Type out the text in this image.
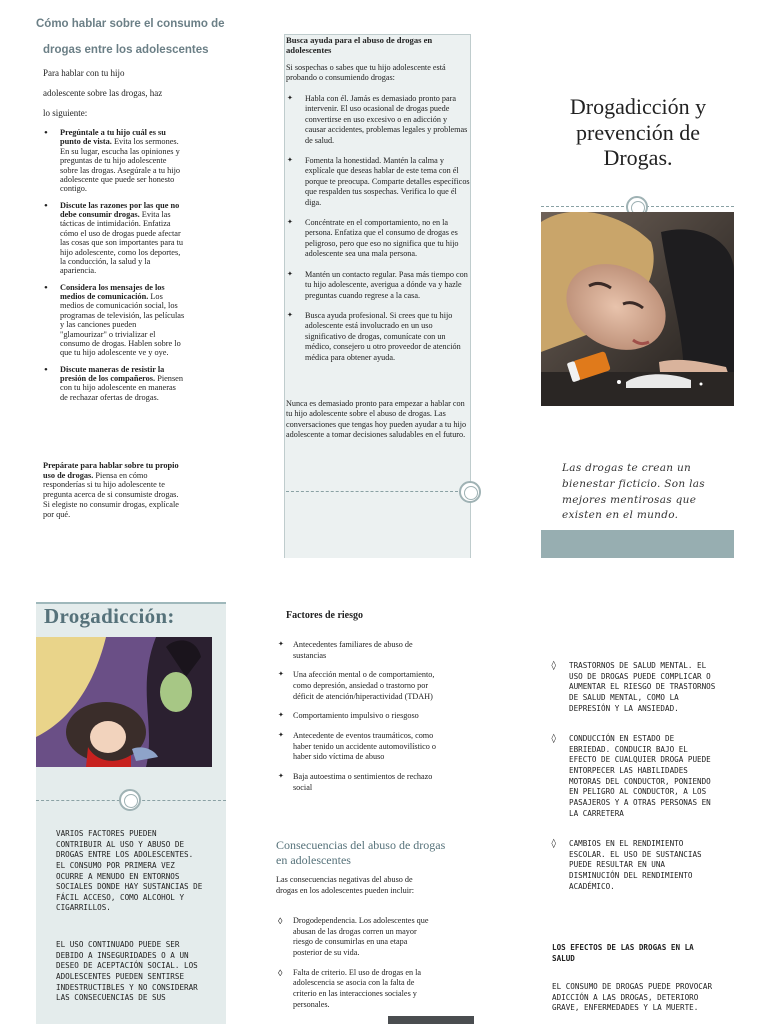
Cómo hablar sobre el consumo de
drogas entre los adolescentes
Para hablar con tu hijo
adolescente sobre las drogas, haz
lo siguiente:
• Pregúntale a tu hijo cuál es su punto de vista. Evita los sermones. En su lugar, escucha las opiniones y preguntas de tu hijo adolescente sobre las drogas. Asegúrale a tu hijo adolescente que puede ser honesto contigo.
• Discute las razones por las que no debe consumir drogas. Evita las tácticas de intimidación. Enfatiza cómo el uso de drogas puede afectar las cosas que son importantes para tu hijo adolescente, como los deportes, la conducción, la salud y la apariencia.
• Considera los mensajes de los medios de comunicación. Los medios de comunicación social, los programas de televisión, las películas y las canciones pueden "glamourizar" o trivializar el consumo de drogas. Hablen sobre lo que tu hijo adolescente ve y oye.
• Discute maneras de resistir la presión de los compañeros. Piensen con tu hijo adolescente en maneras de rechazar ofertas de drogas.
Prepárate para hablar sobre tu propio uso de drogas. Piensa en cómo responderías si tu hijo adolescente te pregunta acerca de si consumiste drogas. Si elegiste no consumir drogas, explícale por qué.
Busca ayuda para el abuso de drogas en adolescentes
Si sospechas o sabes que tu hijo adolescente está probando o consumiendo drogas:
✦ Habla con él. Jamás es demasiado pronto para intervenir. El uso ocasional de drogas puede convertirse en uso excesivo o en adicción y causar accidentes, problemas legales y problemas de salud.
✦ Fomenta la honestidad. Mantén la calma y explícale que deseas hablar de este tema con él porque te preocupa. Comparte detalles específicos que respalden tus sospechas. Verifica lo que él diga.
✦ Concéntrate en el comportamiento, no en la persona. Enfatiza que el consumo de drogas es peligroso, pero que eso no significa que tu hijo adolescente sea una mala persona.
✦ Mantén un contacto regular. Pasa más tiempo con tu hijo adolescente, averigua a dónde va y hazle preguntas cuando regrese a la casa.
✦ Busca ayuda profesional. Si crees que tu hijo adolescente está involucrado en un uso significativo de drogas, comunícate con un médico, consejero u otro proveedor de atención médica para obtener ayuda.
Nunca es demasiado pronto para empezar a hablar con tu hijo adolescente sobre el abuso de drogas. Las conversaciones que tengas hoy pueden ayudar a tu hijo adolescente a tomar decisiones saludables en el futuro.
Drogadicción y prevención de Drogas.
Las drogas te crean un bienestar ficticio. Son las mejores mentirosas que existen en el mundo.
Drogadicción:
VARIOS FACTORES PUEDEN CONTRIBUIR AL USO Y ABUSO DE DROGAS ENTRE LOS ADOLESCENTES. EL CONSUMO POR PRIMERA VEZ OCURRE A MENUDO EN ENTORNOS SOCIALES DONDE HAY SUSTANCIAS DE FÁCIL ACCESO, COMO ALCOHOL Y CIGARRILLOS.
EL USO CONTINUADO PUEDE SER DEBIDO A INSEGURIDADES O A UN DESEO DE ACEPTACIÓN SOCIAL. LOS ADOLESCENTES PUEDEN SENTIRSE INDESTRUCTIBLES Y NO CONSIDERAR LAS CONSECUENCIAS DE SUS
Factores de riesgo
✦ Antecedentes familiares de abuso de sustancias
✦ Una afección mental o de comportamiento, como depresión, ansiedad o trastorno por déficit de atención/hiperactividad (TDAH)
✦ Comportamiento impulsivo o riesgoso
✦ Antecedente de eventos traumáticos, como haber tenido un accidente automovilístico o haber sido víctima de abuso
✦ Baja autoestima o sentimientos de rechazo social
Consecuencias del abuso de drogas en adolescentes
Las consecuencias negativas del abuso de drogas en los adolescentes pueden incluir:
◊ Drogodependencia. Los adolescentes que abusan de las drogas corren un mayor riesgo de consumirlas en una etapa posterior de su vida.
◊ Falta de criterio. El uso de drogas en la adolescencia se asocia con la falta de criterio en las interacciones sociales y personales.
◊ TRASTORNOS DE SALUD MENTAL. EL USO DE DROGAS PUEDE COMPLICAR O AUMENTAR EL RIESGO DE TRASTORNOS DE SALUD MENTAL, COMO LA DEPRESIÓN Y LA ANSIEDAD.
◊ CONDUCCIÓN EN ESTADO DE EBRIEDAD. CONDUCIR BAJO EL EFECTO DE CUALQUIER DROGA PUEDE ENTORPECER LAS HABILIDADES MOTORAS DEL CONDUCTOR, PONIENDO EN PELIGRO AL CONDUCTOR, A LOS PASAJEROS Y A OTRAS PERSONAS EN LA CARRETERA
◊ CAMBIOS EN EL RENDIMIENTO ESCOLAR. EL USO DE SUSTANCIAS PUEDE RESULTAR EN UNA DISMINUCIÓN DEL RENDIMIENTO ACADÉMICO.
LOS EFECTOS DE LAS DROGAS EN LA SALUD
EL CONSUMO DE DROGAS PUEDE PROVOCAR ADICCIÓN A LAS DROGAS, DETERIORO GRAVE, ENFERMEDADES Y LA MUERTE.
